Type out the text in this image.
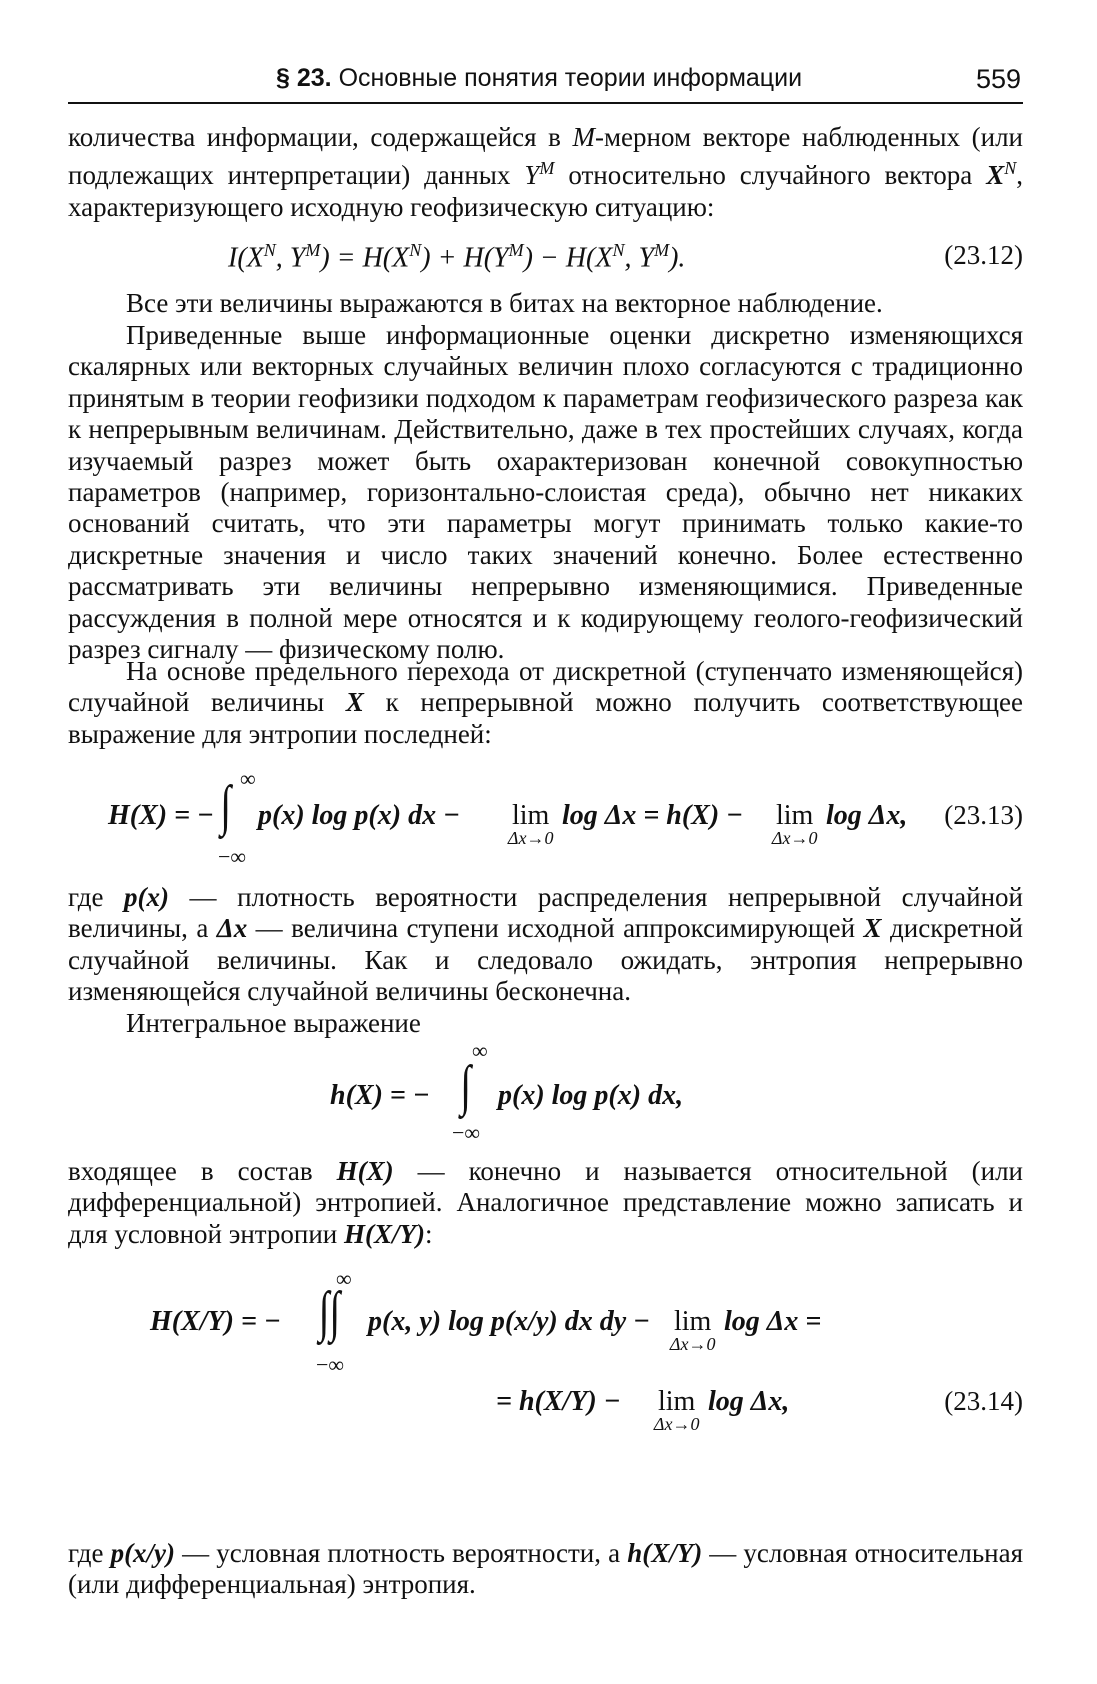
§ 23. Основные понятия теории информации	559
количества информации, содержащейся в M-мерном векторе наблюденных (или подлежащих интерпретации) данных $Y^M$ относительно случайного вектора $X^N$, характеризующего исходную геофизическую ситуацию:
$I(X^N$, $Y^M) = H(X^N) + H(Y^M) - H(X^N$, $Y^M$).	(23.12)
Все эти величины выражаются в битах на векторное наблюдение.
Приведенные выше информационные оценки дискретно изменяющихся скалярных или векторных случайных величин плохо согласуются с традиционно принятым в теории геофизики подходом к параметрам геофизического разреза как к непрерывным величинам. Действительно, даже в тех простейших случаях, когда изучаемый разрез может быть охарактеризован конечной совокупностью параметров (например, горизонтально-слоистая среда), обычно нет никаких оснований считать, что эти параметры могут принимать только какие-то дискретные значения и число таких значений конечно. Более естественно рассматривать эти величины непрерывно изменяющимися. Приведенные рассуждения в полной мере относятся и к кодирующему геолого-геофизический разрез сигналу — физическому полю.
На основе предельного перехода от дискретной (ступенчато изменяющейся) случайной величины X к непрерывной можно получить соответствующее выражение для энтропии последней:
∞
−∞
H(X) = − ∫ p(x) log p(x) dx − lim
Δx→0
log Δx = h(X) − lim
Δx→0
log Δx, (23.13)
где p(x) — плотность вероятности распределения непрерывной случайной величины, а Δx — величина ступени исходной аппроксимирующей X дискретной случайной величины. Как и следовало ожидать, энтропия непрерывно изменяющейся случайной величины бесконечна.
Интегральное выражение
∞
−∞
h(X) = − ∫ p(x) log p(x) dx,
входящее в состав H(X) — конечно и называется относительной (или дифференциальной) энтропией. Аналогичное представление можно записать и для условной энтропии H(X/Y):
∞
−∞
H(X/Y) = − ∫∫ p(x, y) log p(x/y) dx dy − lim
Δx→0
log Δx =
= h(X/Y) − lim
Δx→0
log Δx,	(23.14)
где p(x/y) — условная плотность вероятности, а h(X/Y) — условная относительная (или дифференциальная) энтропия.
